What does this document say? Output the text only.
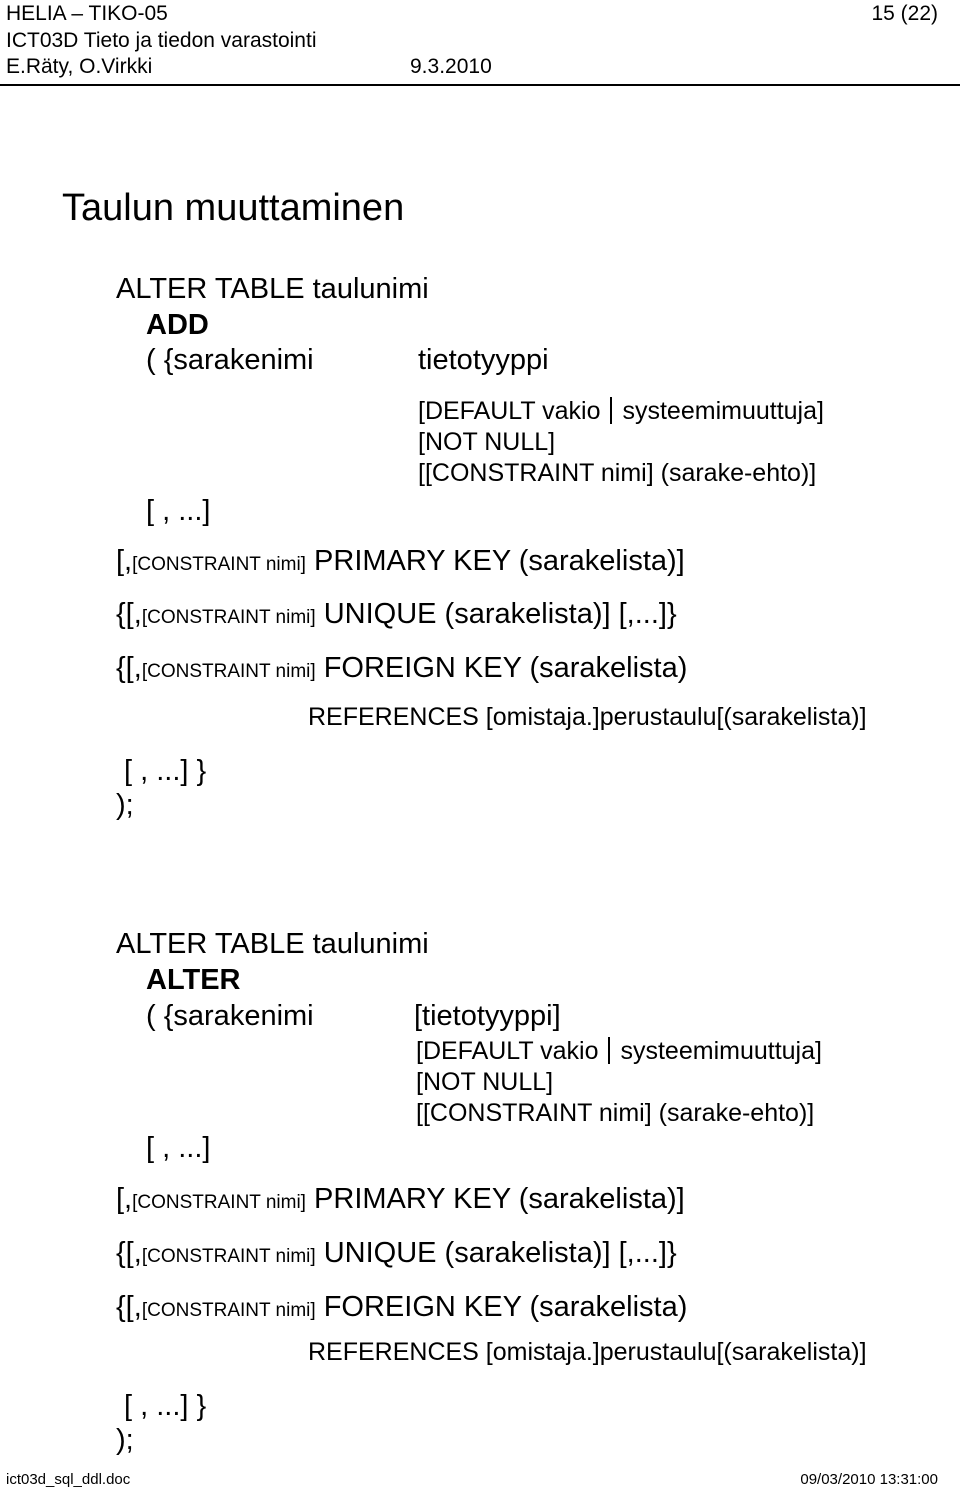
HELIA – TIKO-05	15 (22)
ICT03D Tieto ja tiedon varastointi
E.Räty, O.Virkki	9.3.2010
Taulun muuttaminen
ALTER TABLE taulunimi
ADD
( {sarakenimi	tietotyyppi
[DEFAULT vakio systeemimuuttuja]
[NOT NULL]
[[CONSTRAINT nimi] (sarake-ehto)]
[ , ...]
[,[CONSTRAINT nimi] PRIMARY KEY (sarakelista)]
{[,[CONSTRAINT nimi] UNIQUE (sarakelista)] [,...]}
{[,[CONSTRAINT nimi] FOREIGN KEY (sarakelista)
REFERENCES [omistaja.]perustaulu[(sarakelista)]
[ , ...] }
);
ALTER TABLE taulunimi
ALTER
( {sarakenimi	[tietotyyppi]
[DEFAULT vakio systeemimuuttuja]
[NOT NULL]
[[CONSTRAINT nimi] (sarake-ehto)]
[ , ...]
[,[CONSTRAINT nimi] PRIMARY KEY (sarakelista)]
{[,[CONSTRAINT nimi] UNIQUE (sarakelista)] [,...]}
{[,[CONSTRAINT nimi] FOREIGN KEY (sarakelista)
REFERENCES [omistaja.]perustaulu[(sarakelista)]
[ , ...] }
);
ict03d_sql_ddl.doc	09/03/2010 13:31:00
